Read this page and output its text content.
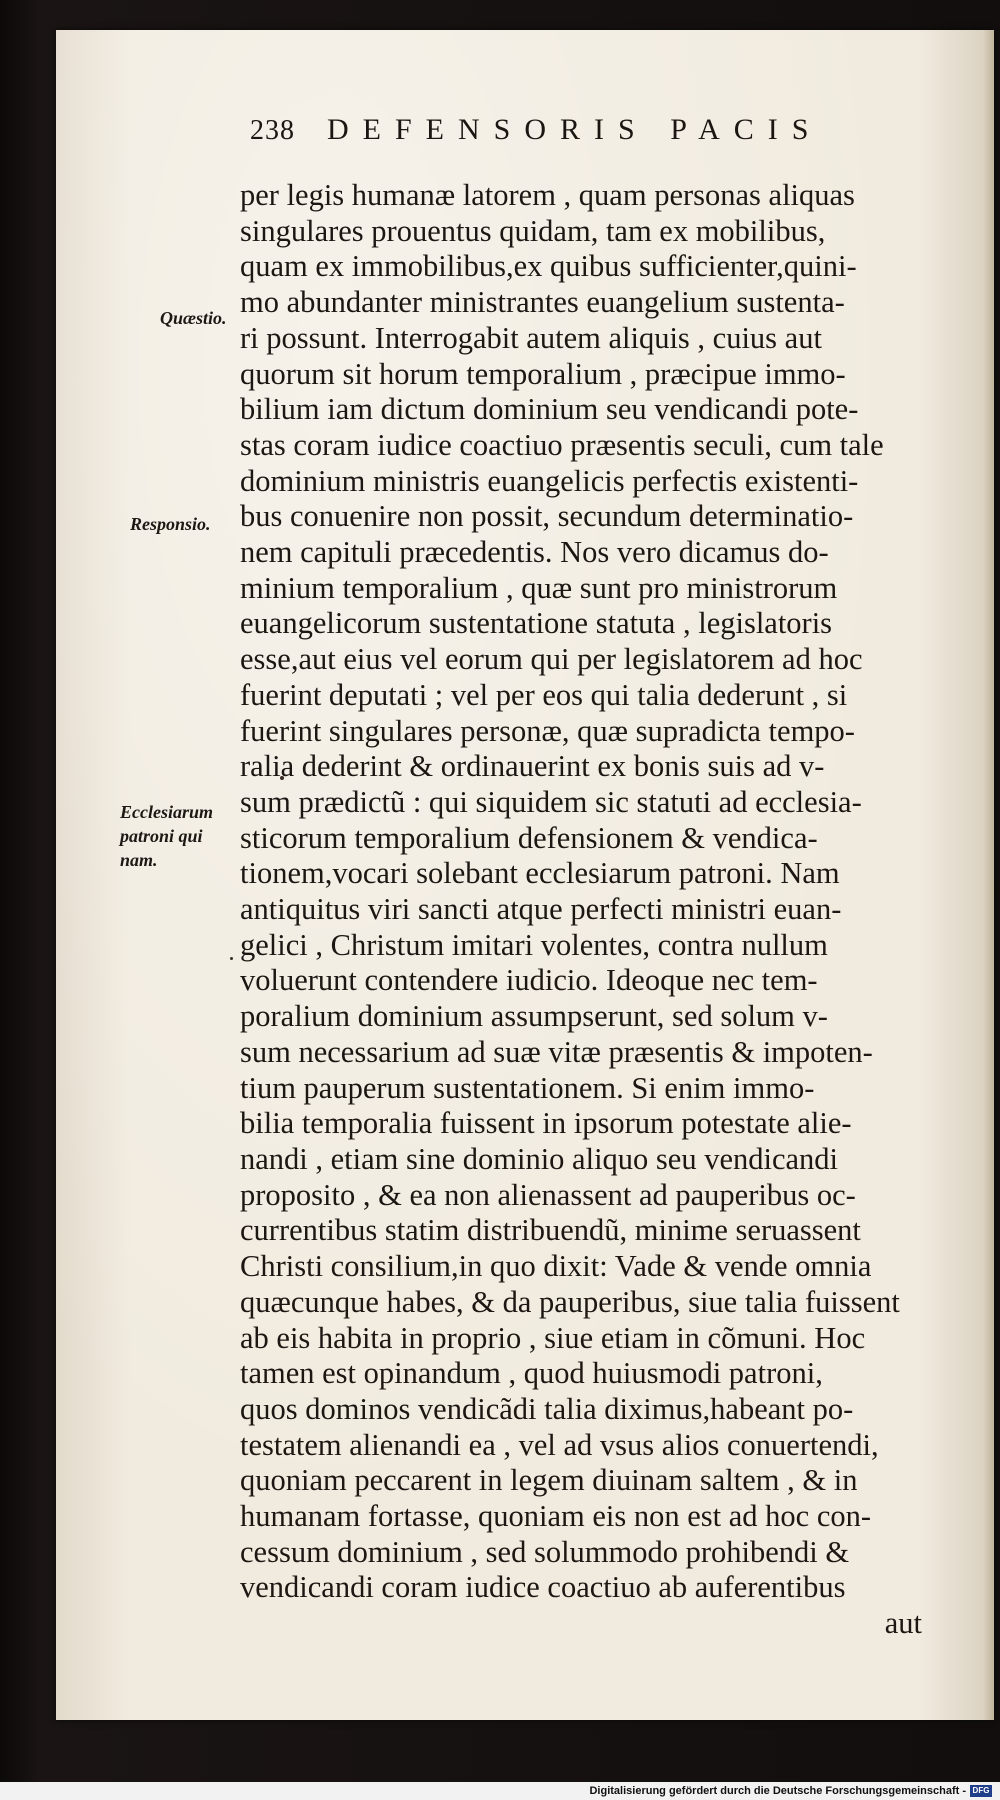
238 DEFENSORIS PACIS
Quæstio.
Responsio.
Ecclesiarum
patroni qui
nam.
per legis humanæ latorem , quam personas aliquas
singulares prouentus quidam, tam ex mobilibus,
quam ex immobilibus,ex quibus sufficienter,quini-
mo abundanter ministrantes euangelium sustenta-
ri possunt. Interrogabit autem aliquis , cuius aut
quorum sit horum temporalium , præcipue immo-
bilium iam dictum dominium seu vendicandi pote-
stas coram iudice coactiuo præsentis seculi, cum tale
dominium ministris euangelicis perfectis existenti-
bus conuenire non possit, secundum determinatio-
nem capituli præcedentis. Nos vero dicamus do-
minium temporalium , quæ sunt pro ministrorum
euangelicorum sustentatione statuta , legislatoris
esse,aut eius vel eorum qui per legislatorem ad hoc
fuerint deputati ; vel per eos qui talia dederunt , si
fuerint singulares personæ, quæ supradicta tempo-
ralia dederint & ordinauerint ex bonis suis ad v-
sum prædictũ : qui siquidem sic statuti ad ecclesia-
sticorum temporalium defensionem & vendica-
tionem,vocari solebant ecclesiarum patroni. Nam
antiquitus viri sancti atque perfecti ministri euan-
gelici , Christum imitari volentes, contra nullum
voluerunt contendere iudicio. Ideoque nec tem-
poralium dominium assumpserunt, sed solum v-
sum necessarium ad suæ vitæ præsentis & impoten-
tium pauperum sustentationem. Si enim immo-
bilia temporalia fuissent in ipsorum potestate alie-
nandi , etiam sine dominio aliquo seu vendicandi
proposito , & ea non alienassent ad pauperibus oc-
currentibus statim distribuendũ, minime seruassent
Christi consilium,in quo dixit: Vade & vende omnia
quæcunque habes, & da pauperibus, siue talia fuissent
ab eis habita in proprio , siue etiam in cõmuni. Hoc
tamen est opinandum , quod huiusmodi patroni,
quos dominos vendicãdi talia diximus,habeant po-
testatem alienandi ea , vel ad vsus alios conuertendi,
quoniam peccarent in legem diuinam saltem , & in
humanam fortasse, quoniam eis non est ad hoc con-
cessum dominium , sed solummodo prohibendi &
vendicandi coram iudice coactiuo ab auferentibus
aut
Digitalisierung gefördert durch die Deutsche Forschungsgemeinschaft - DFG
